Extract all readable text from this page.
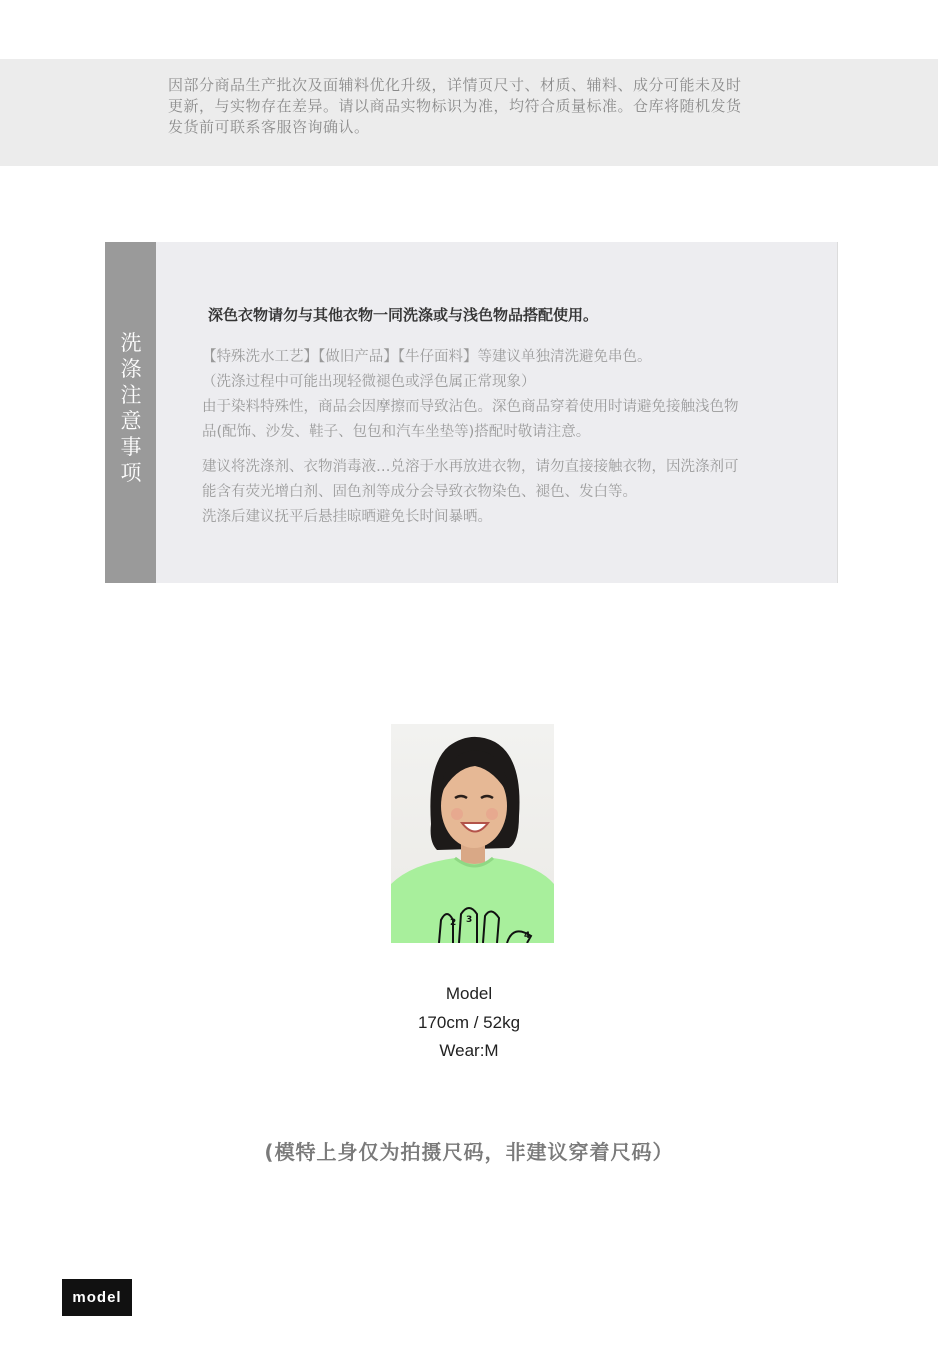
因部分商品生产批次及面辅料优化升级，详情页尺寸、材质、辅料、成分可能未及时
更新，与实物存在差异。请以商品实物标识为准，均符合质量标准。仓库将随机发货
发货前可联系客服咨询确认。
洗
涤
注
意
事
项
深色衣物请勿与其他衣物一同洗涤或与浅色物品搭配使用。
【特殊洗水工艺】【做旧产品】【牛仔面料】等建议单独清洗避免串色。
（洗涤过程中可能出现轻微褪色或浮色属正常现象）
由于染料特殊性，商品会因摩擦而导致沾色。深色商品穿着使用时请避免接触浅色物
品(配饰、沙发、鞋子、包包和汽车坐垫等)搭配时敬请注意。
建议将洗涤剂、衣物消毒液…兑溶于水再放进衣物，请勿直接接触衣物，因洗涤剂可
能含有荧光增白剂、固色剂等成分会导致衣物染色、褪色、发白等。
洗涤后建议抚平后悬挂晾晒避免长时间暴晒。
2 3
4
Model
170cm / 52kg
Wear:M
(模特上身仅为拍摄尺码，非建议穿着尺码）
model
